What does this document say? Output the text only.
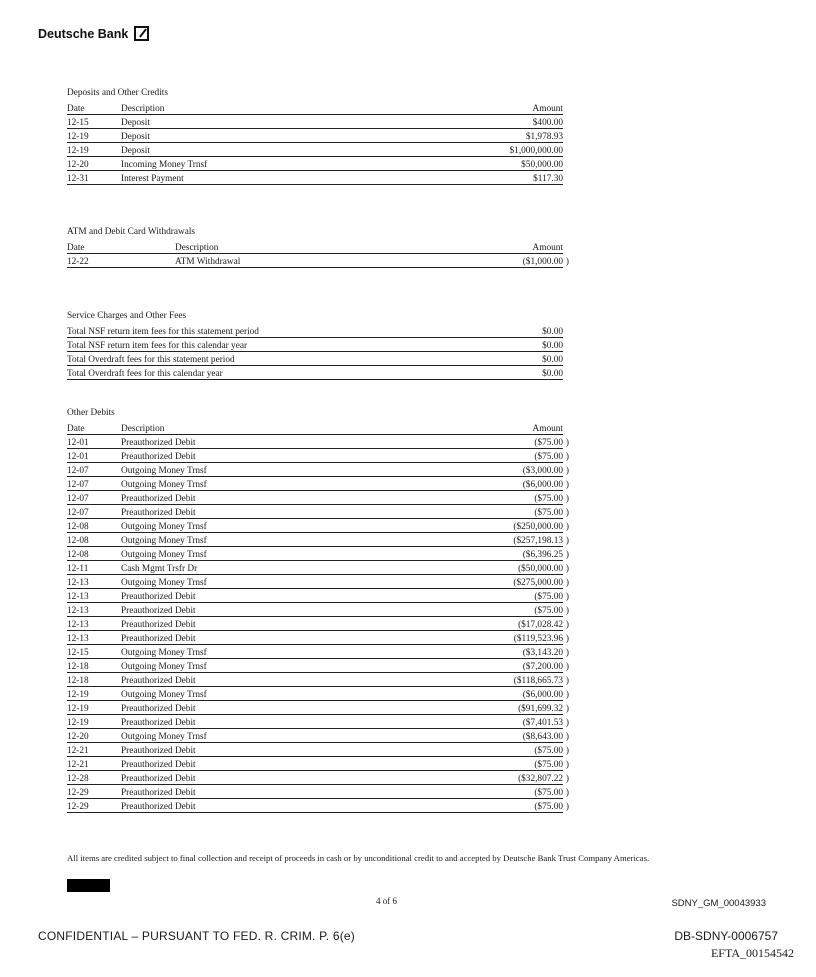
Deutsche Bank
Deposits and Other Credits
Date	Description	Amount
12-15	Deposit	$400.00
12-19	Deposit	$1,978.93
12-19	Deposit	$1,000,000.00
12-20	Incoming Money Trnsf	$50,000.00
12-31	Interest Payment	$117.30
ATM and Debit Card Withdrawals
Date	Description	Amount
12-22	ATM Withdrawal	($1,000.00 )
Service Charges and Other Fees
Total NSF return item fees for this statement period	$0.00
Total NSF return item fees for this calendar year	$0.00
Total Overdraft fees for this statement period	$0.00
Total Overdraft fees for this calendar year	$0.00
Other Debits
Date	Description	Amount
12-01	Preauthorized Debit	($75.00 )
12-01	Preauthorized Debit	($75.00 )
12-07	Outgoing Money Trnsf	($3,000.00 )
12-07	Outgoing Money Trnsf	($6,000.00 )
12-07	Preauthorized Debit	($75.00 )
12-07	Preauthorized Debit	($75.00 )
12-08	Outgoing Money Trnsf	($250,000.00 )
12-08	Outgoing Money Trnsf	($257,198.13 )
12-08	Outgoing Money Trnsf	($6,396.25 )
12-11	Cash Mgmt Trsfr Dr	($50,000.00 )
12-13	Outgoing Money Trnsf	($275,000.00 )
12-13	Preauthorized Debit	($75.00 )
12-13	Preauthorized Debit	($75.00 )
12-13	Preauthorized Debit	($17,028.42 )
12-13	Preauthorized Debit	($119,523.96 )
12-15	Outgoing Money Trnsf	($3,143.20 )
12-18	Outgoing Money Trnsf	($7,200.00 )
12-18	Preauthorized Debit	($118,665.73 )
12-19	Outgoing Money Trnsf	($6,000.00 )
12-19	Preauthorized Debit	($91,699.32 )
12-19	Preauthorized Debit	($7,401.53 )
12-20	Outgoing Money Trnsf	($8,643.00 )
12-21	Preauthorized Debit	($75.00 )
12-21	Preauthorized Debit	($75.00 )
12-28	Preauthorized Debit	($32,807.22 )
12-29	Preauthorized Debit	($75.00 )
12-29	Preauthorized Debit	($75.00 )
All items are credited subject to final collection and receipt of proceeds in cash or by unconditional credit to and accepted by Deutsche Bank Trust Company Americas.
4 of 6	SDNY_GM_00043933
CONFIDENTIAL – PURSUANT TO FED. R. CRIM. P. 6(e)	DB-SDNY-0006757
EFTA_00154542
